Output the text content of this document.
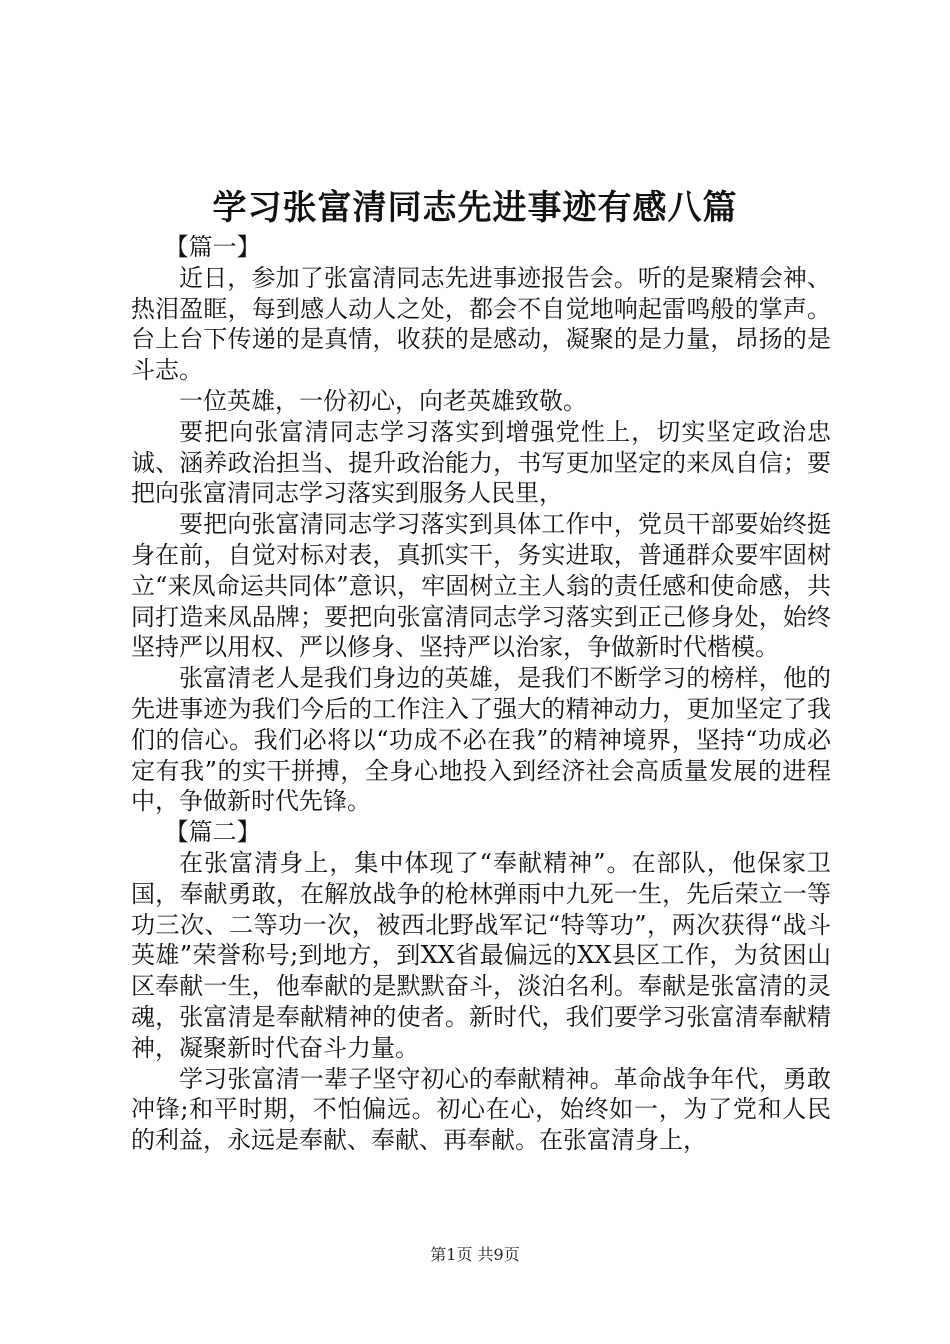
学习张富清同志先进事迹有感八篇

【篇一】

近日，参加了张富清同志先进事迹报告会。听的是聚精会神、热泪盈眶，每到感人动人之处，都会不自觉地响起雷鸣般的掌声。台上台下传递的是真情，收获的是感动，凝聚的是力量，昂扬的是斗志。

一位英雄，一份初心，向老英雄致敬。

要把向张富清同志学习落实到增强党性上，切实坚定政治忠诚、涵养政治担当、提升政治能力，书写更加坚定的来凤自信；要把向张富清同志学习落实到服务人民里，

要把向张富清同志学习落实到具体工作中，党员干部要始终挺身在前，自觉对标对表，真抓实干，务实进取，普通群众要牢固树立“来凤命运共同体”意识，牢固树立主人翁的责任感和使命感，共同打造来凤品牌；要把向张富清同志学习落实到正己修身处，始终坚持严以用权、严以修身、坚持严以治家，争做新时代楷模。

张富清老人是我们身边的英雄，是我们不断学习的榜样，他的先进事迹为我们今后的工作注入了强大的精神动力，更加坚定了我们的信心。我们必将以“功成不必在我”的精神境界，坚持“功成必定有我”的实干拼搏，全身心地投入到经济社会高质量发展的进程中，争做新时代先锋。

【篇二】

在张富清身上，集中体现了“奉献精神”。在部队，他保家卫国，奉献勇敢，在解放战争的枪林弹雨中九死一生，先后荣立一等功三次、二等功一次，被西北野战军记“特等功”，两次获得“战斗英雄”荣誉称号;到地方，到XX省最偏远的XX县区工作，为贫困山区奉献一生，他奉献的是默默奋斗，淡泊名利。奉献是张富清的灵魂，张富清是奉献精神的使者。新时代，我们要学习张富清奉献精神，凝聚新时代奋斗力量。

学习张富清一辈子坚守初心的奉献精神。革命战争年代，勇敢冲锋;和平时期，不怕偏远。初心在心，始终如一，为了党和人民的利益，永远是奉献、奉献、再奉献。在张富清身上，

第1页 共9页
